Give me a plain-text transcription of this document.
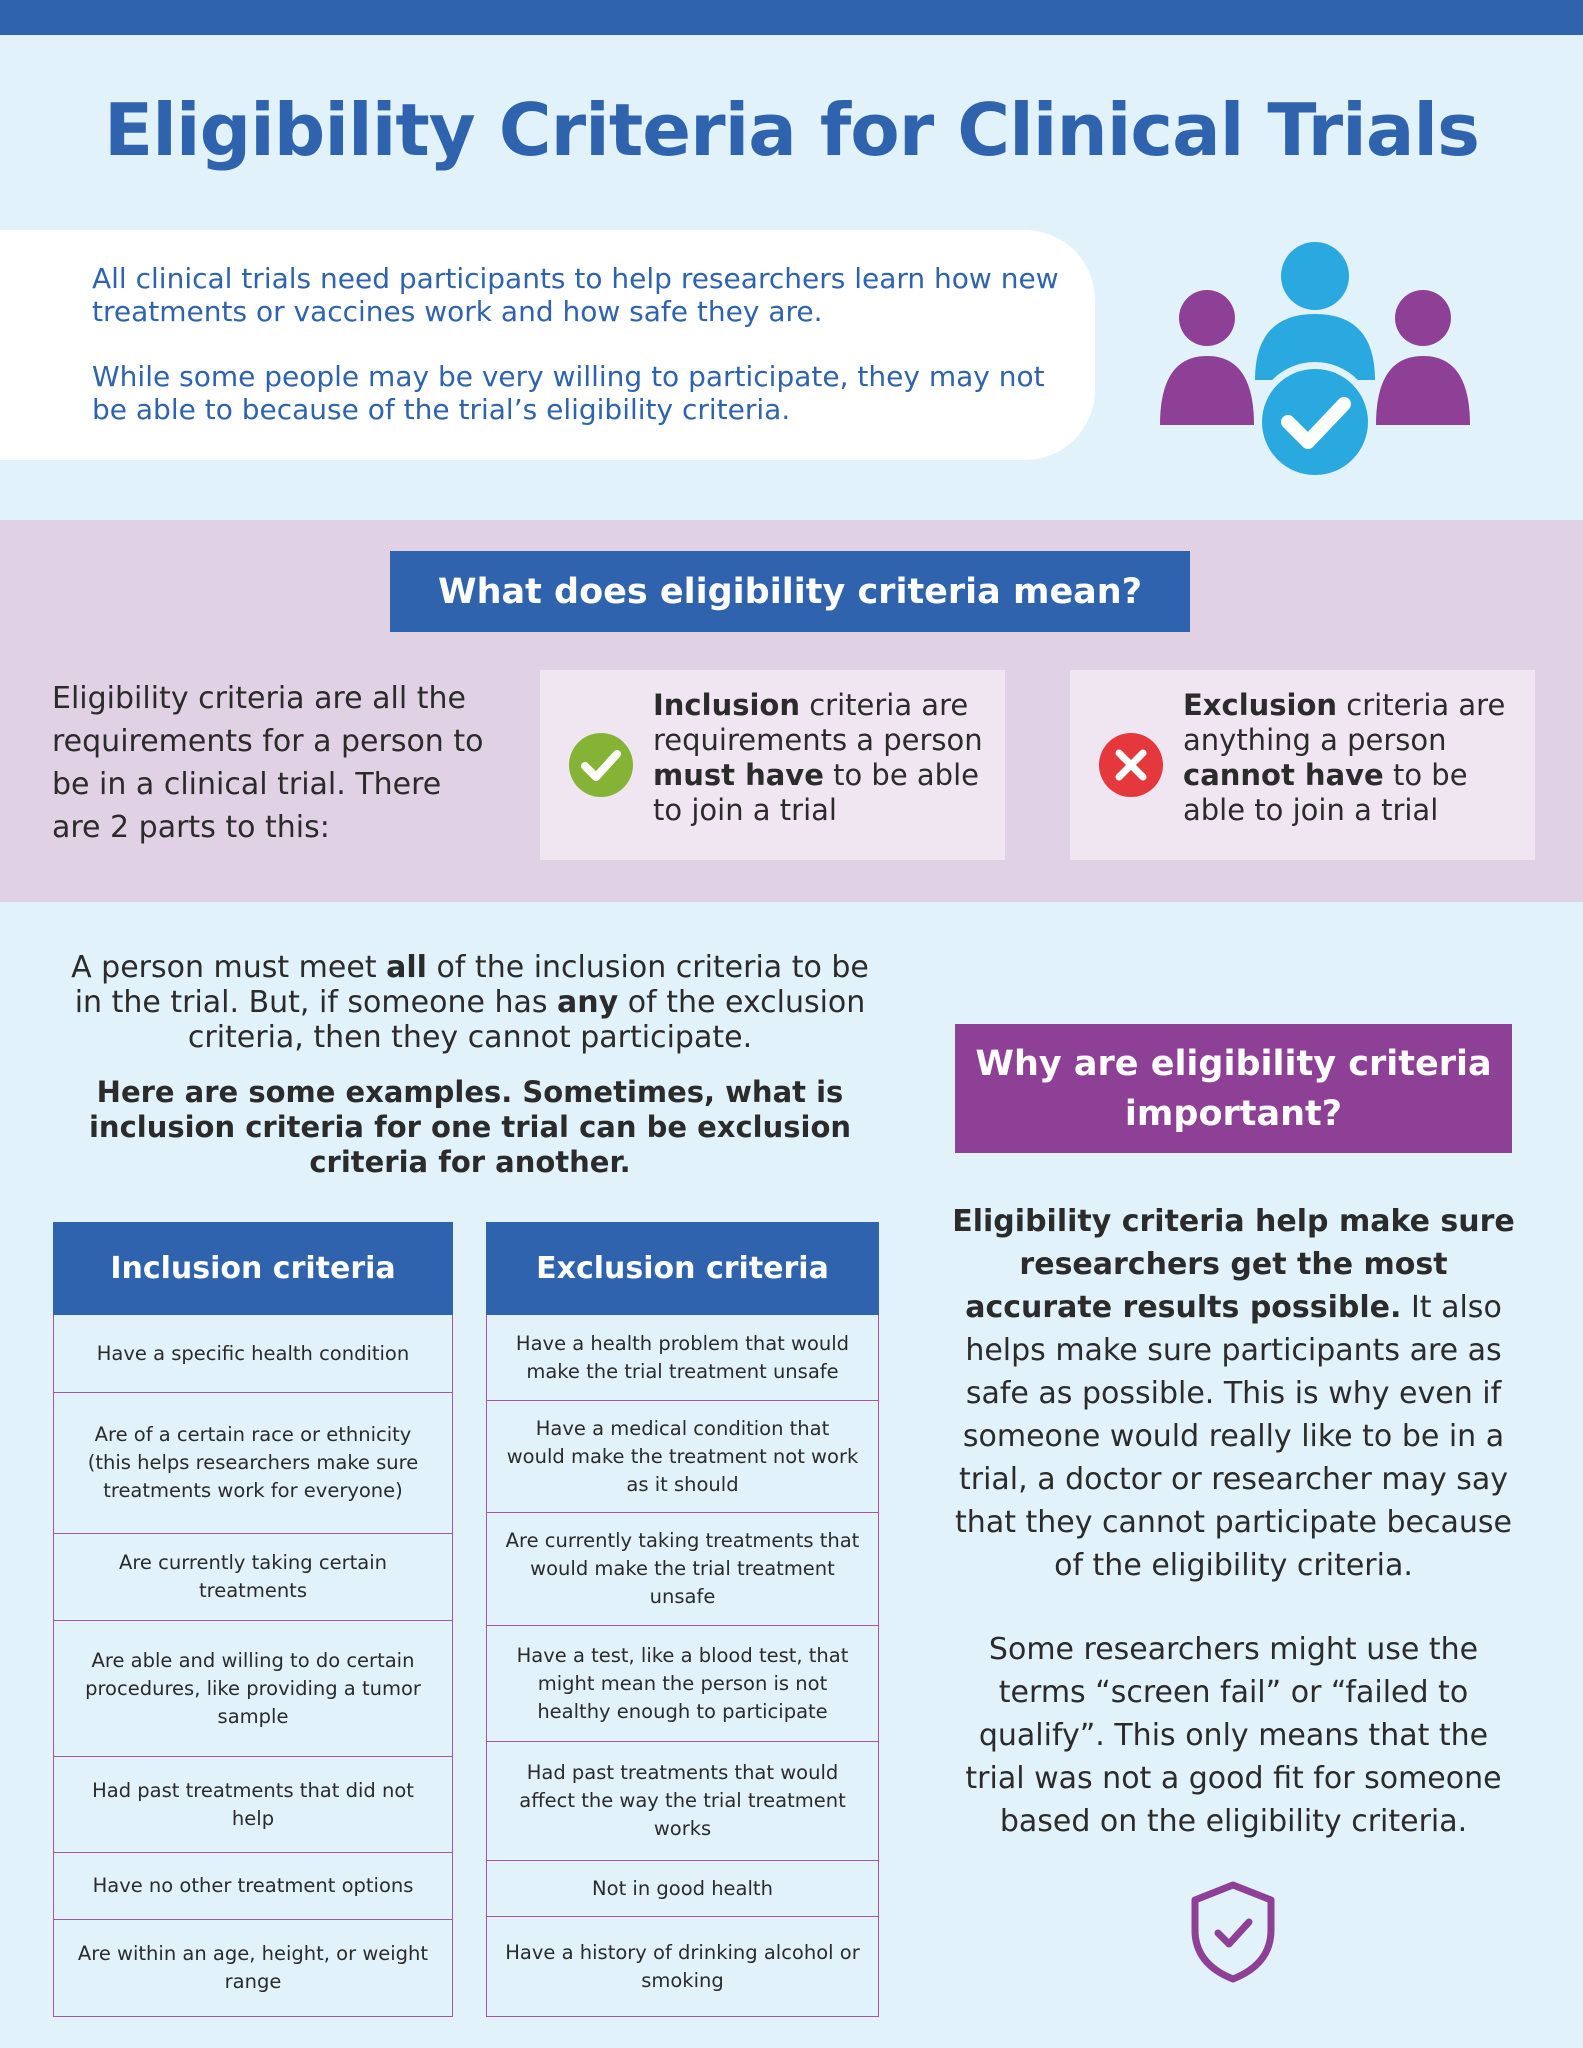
Eligibility Criteria for Clinical Trials

All clinical trials need participants to help researchers learn how new treatments or vaccines work and how safe they are.

While some people may be very willing to participate, they may not be able to because of the trial’s eligibility criteria.

What does eligibility criteria mean?

Eligibility criteria are all the requirements for a person to be in a clinical trial. There are 2 parts to this:

Inclusion criteria are requirements a person must have to be able to join a trial

Exclusion criteria are anything a person cannot have to be able to join a trial

A person must meet all of the inclusion criteria to be in the trial. But, if someone has any of the exclusion criteria, then they cannot participate.

Here are some examples. Sometimes, what is inclusion criteria for one trial can be exclusion criteria for another.

Inclusion criteria
Have a specific health condition
Are of a certain race or ethnicity (this helps researchers make sure treatments work for everyone)
Are currently taking certain treatments
Are able and willing to do certain procedures, like providing a tumor sample
Had past treatments that did not help
Have no other treatment options
Are within an age, height, or weight range
Exclusion criteria
Have a health problem that would make the trial treatment unsafe
Have a medical condition that would make the treatment not work as it should
Are currently taking treatments that would make the trial treatment unsafe
Have a test, like a blood test, that might mean the person is not healthy enough to participate
Had past treatments that would affect the way the trial treatment works
Not in good health
Have a history of drinking alcohol or smoking
Why are eligibility criteria important?

Eligibility criteria help make sure researchers get the most accurate results possible. It also helps make sure participants are as safe as possible. This is why even if someone would really like to be in a trial, a doctor or researcher may say that they cannot participate because of the eligibility criteria.

Some researchers might use the terms “screen fail” or “failed to qualify”. This only means that the trial was not a good fit for someone based on the eligibility criteria.
